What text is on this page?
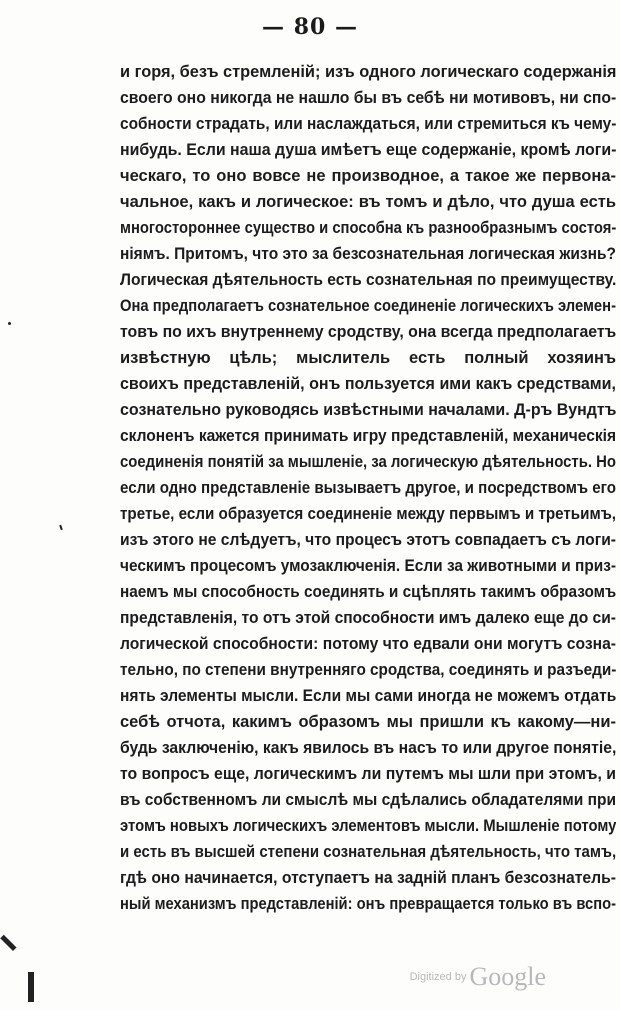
— 80 —
и горя, безъ стремленій; изъ одного логическаго содержанія
своего оно никогда не нашло бы въ себѣ ни мотивовъ, ни спо-
собности страдать, или наслаждаться, или стремиться къ чему-
нибудь. Если наша душа имѣетъ еще содержаніе, кромѣ логи-
ческаго, то оно вовсе не производное, а такое же первона-
чальное, какъ и логическое: въ томъ и дѣло, что душа есть
многостороннее существо и способна къ разнообразнымъ состоя-
ніямъ. Притомъ, что это за безсознательная логическая жизнь?
Логическая дѣятельность есть сознательная по преимуществу.
Она предполагаетъ сознательное соединеніе логическихъ элемен-
товъ по ихъ внутреннему сродству, она всегда предполагаетъ
извѣстную цѣль; мыслитель есть полный хозяинъ
своихъ представленій, онъ пользуется ими какъ средствами,
сознательно руководясь извѣстными началами. Д-ръ Вундтъ
склоненъ кажется принимать игру представленій, механическія
соединенія понятій за мышленіе, за логическую дѣятельность. Но
если одно представленіе вызываетъ другое, и посредствомъ его
третье, если образуется соединеніе между первымъ и третьимъ,
изъ этого не слѣдуетъ, что процесъ этотъ совпадаетъ съ логи-
ческимъ процесомъ умозаключенія. Если за животными и приз-
наемъ мы способность соединять и сцѣплять такимъ образомъ
представленія, то отъ этой способности имъ далеко еще до си-
логической способности: потому что едвали они могутъ созна-
тельно, по степени внутренняго сродства, соединять и разъеди-
нять элементы мысли. Если мы сами иногда не можемъ отдать
себѣ отчота, какимъ образомъ мы пришли къ какому—ни-
будь заключенію, какъ явилось въ насъ то или другое понятіе,
то вопросъ еще, логическимъ ли путемъ мы шли при этомъ, и
въ собственномъ ли смыслѣ мы сдѣлались обладателями при
этомъ новыхъ логическихъ элементовъ мысли. Мышленіе потому
и есть въ высшей степени сознательная дѣятельность, что тамъ,
гдѣ оно начинается, отступаетъ на задній планъ безсознатель-
ный механизмъ представленій: онъ превращается только въ вспо-
Digitized by Google
